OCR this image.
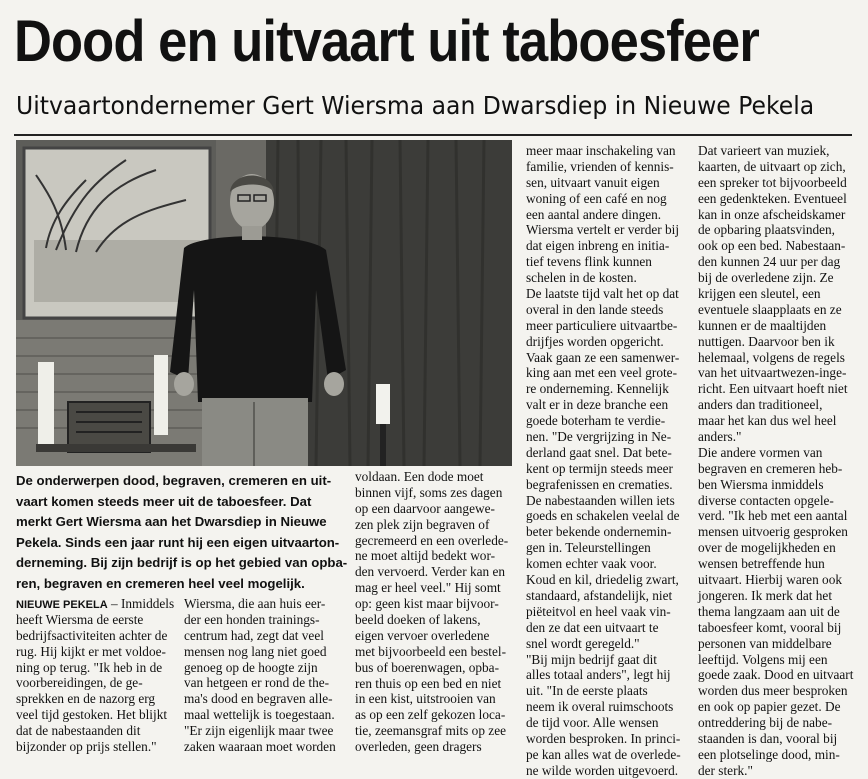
Dood en uitvaart uit taboesfeer
Uitvaartondernemer Gert Wiersma aan Dwarsdiep in Nieuwe Pekela
De onderwerpen dood, begraven, cremeren en uit-
vaart komen steeds meer uit de taboesfeer. Dat
merkt Gert Wiersma aan het Dwarsdiep in Nieuwe
Pekela. Sinds een jaar runt hij een eigen uitvaarton-
derneming. Bij zijn bedrijf is op het gebied van opba-
ren, begraven en cremeren heel veel mogelijk.
NIEUWE PEKELA – Inmiddels
heeft Wiersma de eerste
bedrijfsactiviteiten achter de
rug. Hij kijkt er met voldoe-
ning op terug. "Ik heb in de
voorbereidingen, de ge-
sprekken en de nazorg erg
veel tijd gestoken. Het blijkt
dat de nabestaanden dit
bijzonder op prijs stellen."
Wiersma, die aan huis eer-
der een honden trainings-
centrum had, zegt dat veel
mensen nog lang niet goed
genoeg op de hoogte zijn
van hetgeen er rond de the-
ma's dood en begraven alle-
maal wettelijk is toegestaan.
"Er zijn eigenlijk maar twee
zaken waaraan moet worden
voldaan. Een dode moet
binnen vijf, soms zes dagen
op een daarvoor aangewe-
zen plek zijn begraven of
gecremeerd en een overlede-
ne moet altijd bedekt wor-
den vervoerd. Verder kan en
mag er heel veel." Hij somt
op: geen kist maar bijvoor-
beeld doeken of lakens,
eigen vervoer overledene
met bijvoorbeeld een bestel-
bus of boerenwagen, opba-
ren thuis op een bed en niet
in een kist, uitstrooien van
as op een zelf gekozen loca-
tie, zeemansgraf mits op zee
overleden, geen dragers
meer maar inschakeling van
familie, vrienden of kennis-
sen, uitvaart vanuit eigen
woning of een café en nog
een aantal andere dingen.
Wiersma vertelt er verder bij
dat eigen inbreng en initia-
tief tevens flink kunnen
schelen in de kosten.
De laatste tijd valt het op dat
overal in den lande steeds
meer particuliere uitvaartbe-
drijfjes worden opgericht.
Vaak gaan ze een samenwer-
king aan met een veel grote-
re onderneming. Kennelijk
valt er in deze branche een
goede boterham te verdie-
nen. "De vergrijzing in Ne-
derland gaat snel. Dat bete-
kent op termijn steeds meer
begrafenissen en crematies.
De nabestaanden willen iets
goeds en schakelen veelal de
beter bekende ondernemin-
gen in. Teleurstellingen
komen echter vaak voor.
Koud en kil, driedelig zwart,
standaard, afstandelijk, niet
piëteitvol en heel vaak vin-
den ze dat een uitvaart te
snel wordt geregeld."
"Bij mijn bedrijf gaat dit
alles totaal anders", legt hij
uit. "In de eerste plaats
neem ik overal ruimschoots
de tijd voor. Alle wensen
worden besproken. In princi-
pe kan alles wat de overlede-
ne wilde worden uitgevoerd.
Dat varieert van muziek,
kaarten, de uitvaart op zich,
een spreker tot bijvoorbeeld
een gedenkteken. Eventueel
kan in onze afscheidskamer
de opbaring plaatsvinden,
ook op een bed. Nabestaan-
den kunnen 24 uur per dag
bij de overledene zijn. Ze
krijgen een sleutel, een
eventuele slaapplaats en ze
kunnen er de maaltijden
nuttigen. Daarvoor ben ik
helemaal, volgens de regels
van het uitvaartwezen-inge-
richt. Een uitvaart hoeft niet
anders dan traditioneel,
maar het kan dus wel heel
anders."
Die andere vormen van
begraven en cremeren heb-
ben Wiersma inmiddels
diverse contacten opgele-
verd. "Ik heb met een aantal
mensen uitvoerig gesproken
over de mogelijkheden en
wensen betreffende hun
uitvaart. Hierbij waren ook
jongeren. Ik merk dat het
thema langzaam aan uit de
taboesfeer komt, vooral bij
personen van middelbare
leeftijd. Volgens mij een
goede zaak. Dood en uitvaart
worden dus meer besproken
en ook op papier gezet. De
ontreddering bij de nabe-
staanden is dan, vooral bij
een plotselinge dood, min-
der sterk."
